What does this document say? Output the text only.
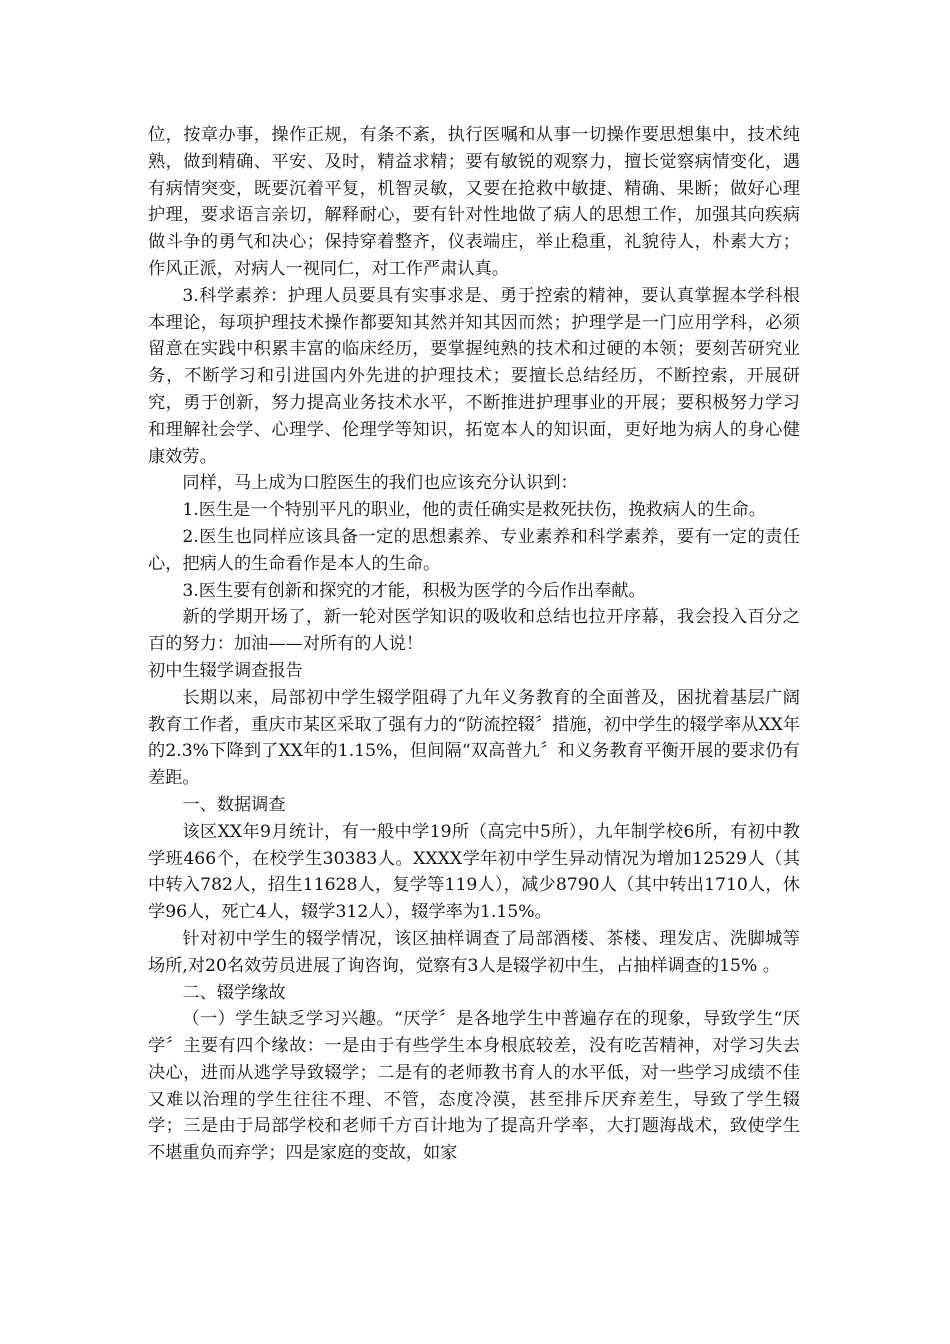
位，按章办事，操作正规，有条不紊，执行医嘱和从事一切操作要思想集中，技术纯熟，做到精确、平安、及时，精益求精；要有敏锐的观察力，擅长觉察病情变化，遇有病情突变，既要沉着平复，机智灵敏，又要在抢救中敏捷、精确、果断；做好心理护理，要求语言亲切，解释耐心，要有针对性地做了病人的思想工作，加强其向疾病做斗争的勇气和决心；保持穿着整齐，仪表端庄，举止稳重，礼貌待人，朴素大方；作风正派，对病人一视同仁，对工作严肃认真。

3.科学素养：护理人员要具有实事求是、勇于控索的精神，要认真掌握本学科根本理论，每项护理技术操作都要知其然并知其因而然；护理学是一门应用学科，必须留意在实践中积累丰富的临床经历，要掌握纯熟的技术和过硬的本领；要刻苦研究业务，不断学习和引进国内外先进的护理技术；要擅长总结经历，不断控索，开展研究，勇于创新，努力提高业务技术水平，不断推进护理事业的开展；要积极努力学习和理解社会学、心理学、伦理学等知识，拓宽本人的知识面，更好地为病人的身心健康效劳。

同样，马上成为口腔医生的我们也应该充分认识到：

1.医生是一个特别平凡的职业，他的责任确实是救死扶伤，挽救病人的生命。

2.医生也同样应该具备一定的思想素养、专业素养和科学素养，要有一定的责任心，把病人的生命看作是本人的生命。

3.医生要有创新和探究的才能，积极为医学的今后作出奉献。

新的学期开场了，新一轮对医学知识的吸收和总结也拉开序幕，我会投入百分之百的努力：加油——对所有的人说！

初中生辍学调查报告

长期以来，局部初中学生辍学阻碍了九年义务教育的全面普及，困扰着基层广阔教育工作者，重庆市某区采取了强有力的“防流控辍〞措施，初中学生的辍学率从XX年的2.3%下降到了XX年的1.15%，但间隔“双高普九〞和义务教育平衡开展的要求仍有差距。

一、数据调查

该区XX年9月统计，有一般中学19所（高完中5所），九年制学校6所，有初中教学班466个，在校学生30383人。XXXX学年初中学生异动情况为增加12529人（其中转入782人，招生11628人，复学等119人），减少8790人（其中转出1710人，休学96人，死亡4人，辍学312人），辍学率为1.15%。

针对初中学生的辍学情况，该区抽样调查了局部酒楼、茶楼、理发店、洗脚城等场所,对20名效劳员进展了询咨询，觉察有3人是辍学初中生，占抽样调查的15% 。

二、辍学缘故

（一）学生缺乏学习兴趣。“厌学〞是各地学生中普遍存在的现象，导致学生“厌学〞主要有四个缘故：一是由于有些学生本身根底较差，没有吃苦精神，对学习失去决心，进而从逃学导致辍学；二是有的老师教书育人的水平低，对一些学习成绩不佳又难以治理的学生往往不理、不管，态度冷漠，甚至排斥厌弃差生，导致了学生辍学；三是由于局部学校和老师千方百计地为了提高升学率，大打题海战术，致使学生不堪重负而弃学；四是家庭的变故，如家
